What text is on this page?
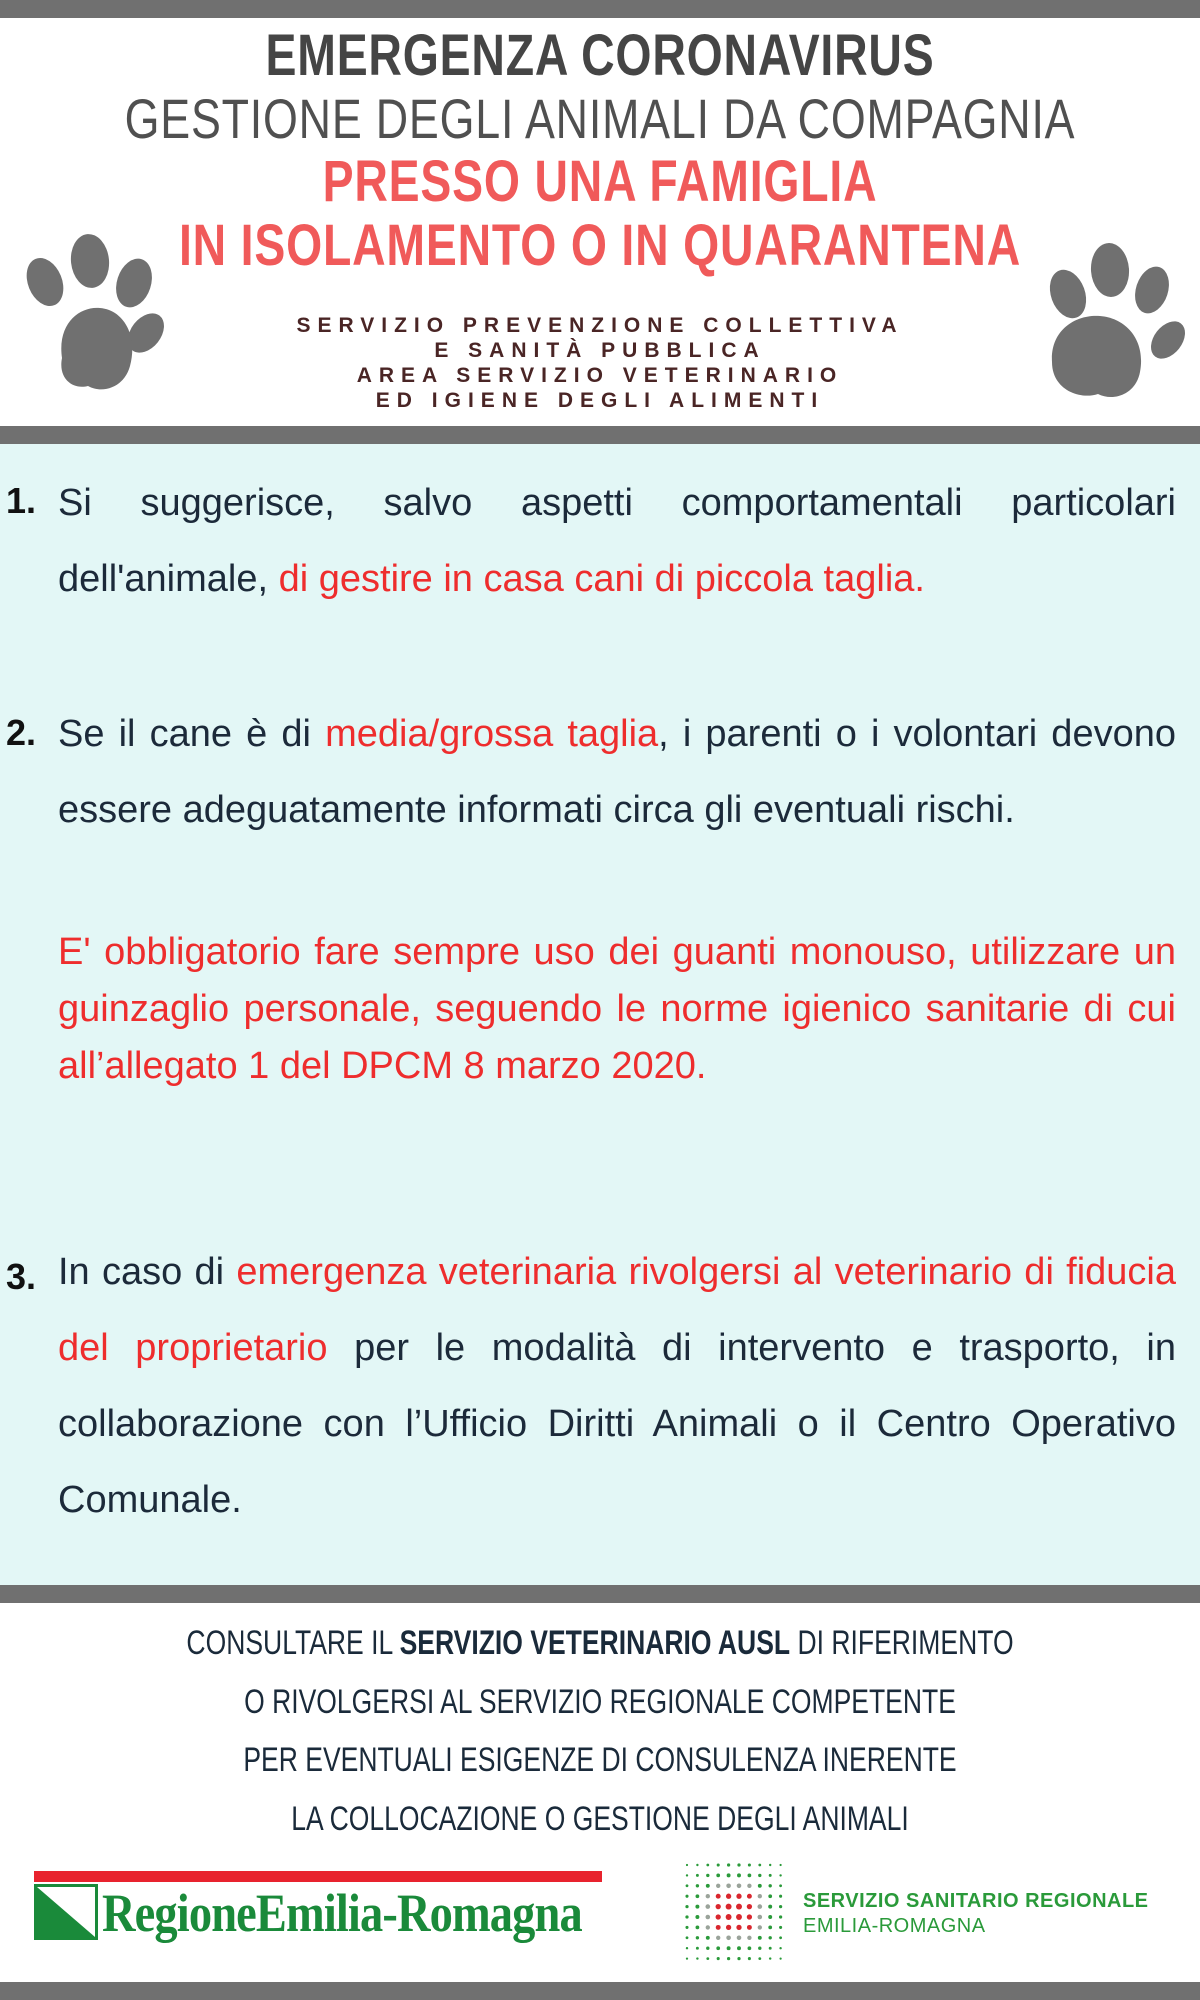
EMERGENZA CORONAVIRUS
GESTIONE DEGLI ANIMALI DA COMPAGNIA
PRESSO UNA FAMIGLIA
IN ISOLAMENTO O IN QUARANTENA
SERVIZIO PREVENZIONE COLLETTIVA
E SANITÀ PUBBLICA
AREA SERVIZIO VETERINARIO
ED IGIENE DEGLI ALIMENTI
1. Si suggerisce, salvo aspetti comportamentali particolari dell'animale, di gestire in casa cani di piccola taglia.
2. Se il cane è di media/grossa taglia, i parenti o i volontari devono essere adeguatamente informati circa gli eventuali rischi.
E' obbligatorio fare sempre uso dei guanti monouso, utilizzare un guinzaglio personale, seguendo le norme igienico sanitarie di cui all’allegato 1 del DPCM 8 marzo 2020.
3. In caso di emergenza veterinaria rivolgersi al veterinario di fiducia del proprietario per le modalità di intervento e trasporto, in collaborazione con l’Ufficio Diritti Animali o il Centro Operativo Comunale.
CONSULTARE IL SERVIZIO VETERINARIO AUSL DI RIFERIMENTO
O RIVOLGERSI AL SERVIZIO REGIONALE COMPETENTE
PER EVENTUALI ESIGENZE DI CONSULENZA INERENTE
LA COLLOCAZIONE O GESTIONE DEGLI ANIMALI
RegioneEmilia-Romagna	SERVIZIO SANITARIO REGIONALE
EMILIA-ROMAGNA
